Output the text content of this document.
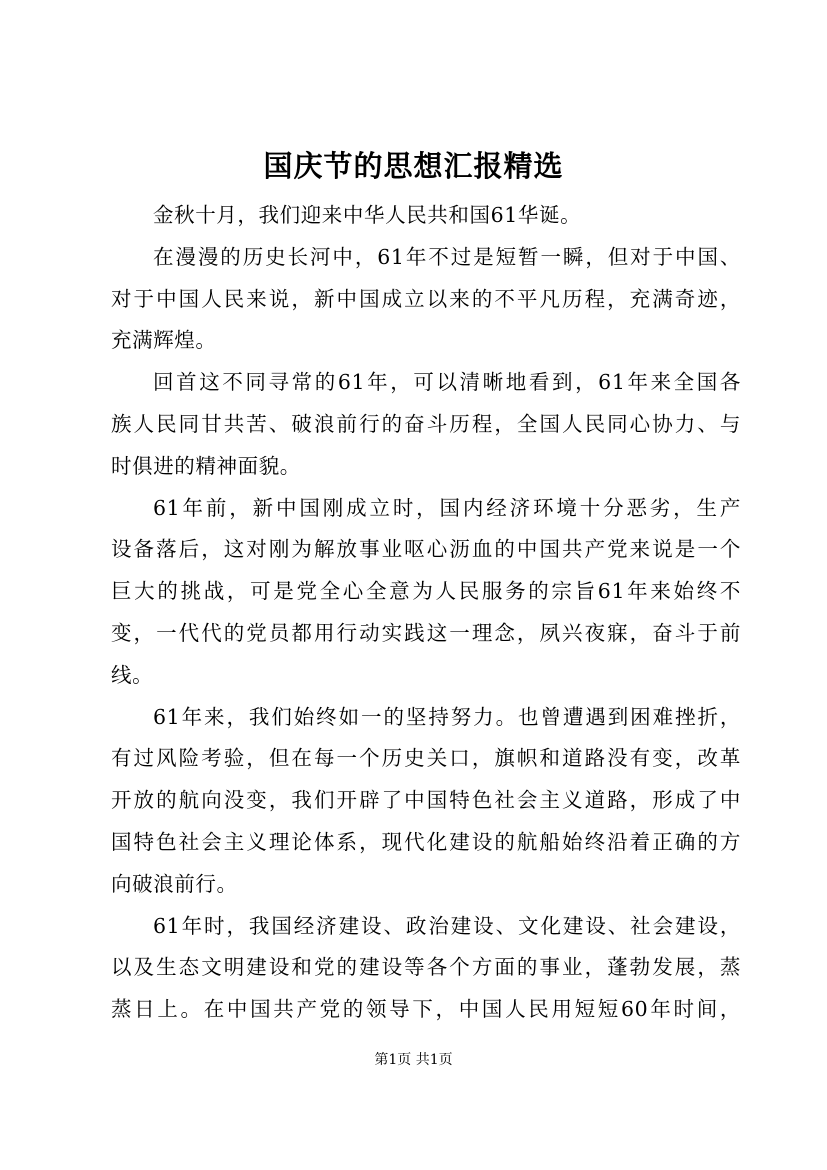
国庆节的思想汇报精选
金秋十月，我们迎来中华人民共和国61华诞。
在漫漫的历史长河中，61年不过是短暂一瞬，但对于中国、
对于中国人民来说，新中国成立以来的不平凡历程，充满奇迹，
充满辉煌。
回首这不同寻常的61年，可以清晰地看到，61年来全国各
族人民同甘共苦、破浪前行的奋斗历程，全国人民同心协力、与
时俱进的精神面貌。
61年前，新中国刚成立时，国内经济环境十分恶劣，生产
设备落后，这对刚为解放事业呕心沥血的中国共产党来说是一个
巨大的挑战，可是党全心全意为人民服务的宗旨61年来始终不
变，一代代的党员都用行动实践这一理念，夙兴夜寐，奋斗于前
线。
61年来，我们始终如一的坚持努力。也曾遭遇到困难挫折，
有过风险考验，但在每一个历史关口，旗帜和道路没有变，改革
开放的航向没变，我们开辟了中国特色社会主义道路，形成了中
国特色社会主义理论体系，现代化建设的航船始终沿着正确的方
向破浪前行。
61年时，我国经济建设、政治建设、文化建设、社会建设，
以及生态文明建设和党的建设等各个方面的事业，蓬勃发展，蒸
蒸日上。在中国共产党的领导下，中国人民用短短60年时间，
第1页 共1页
